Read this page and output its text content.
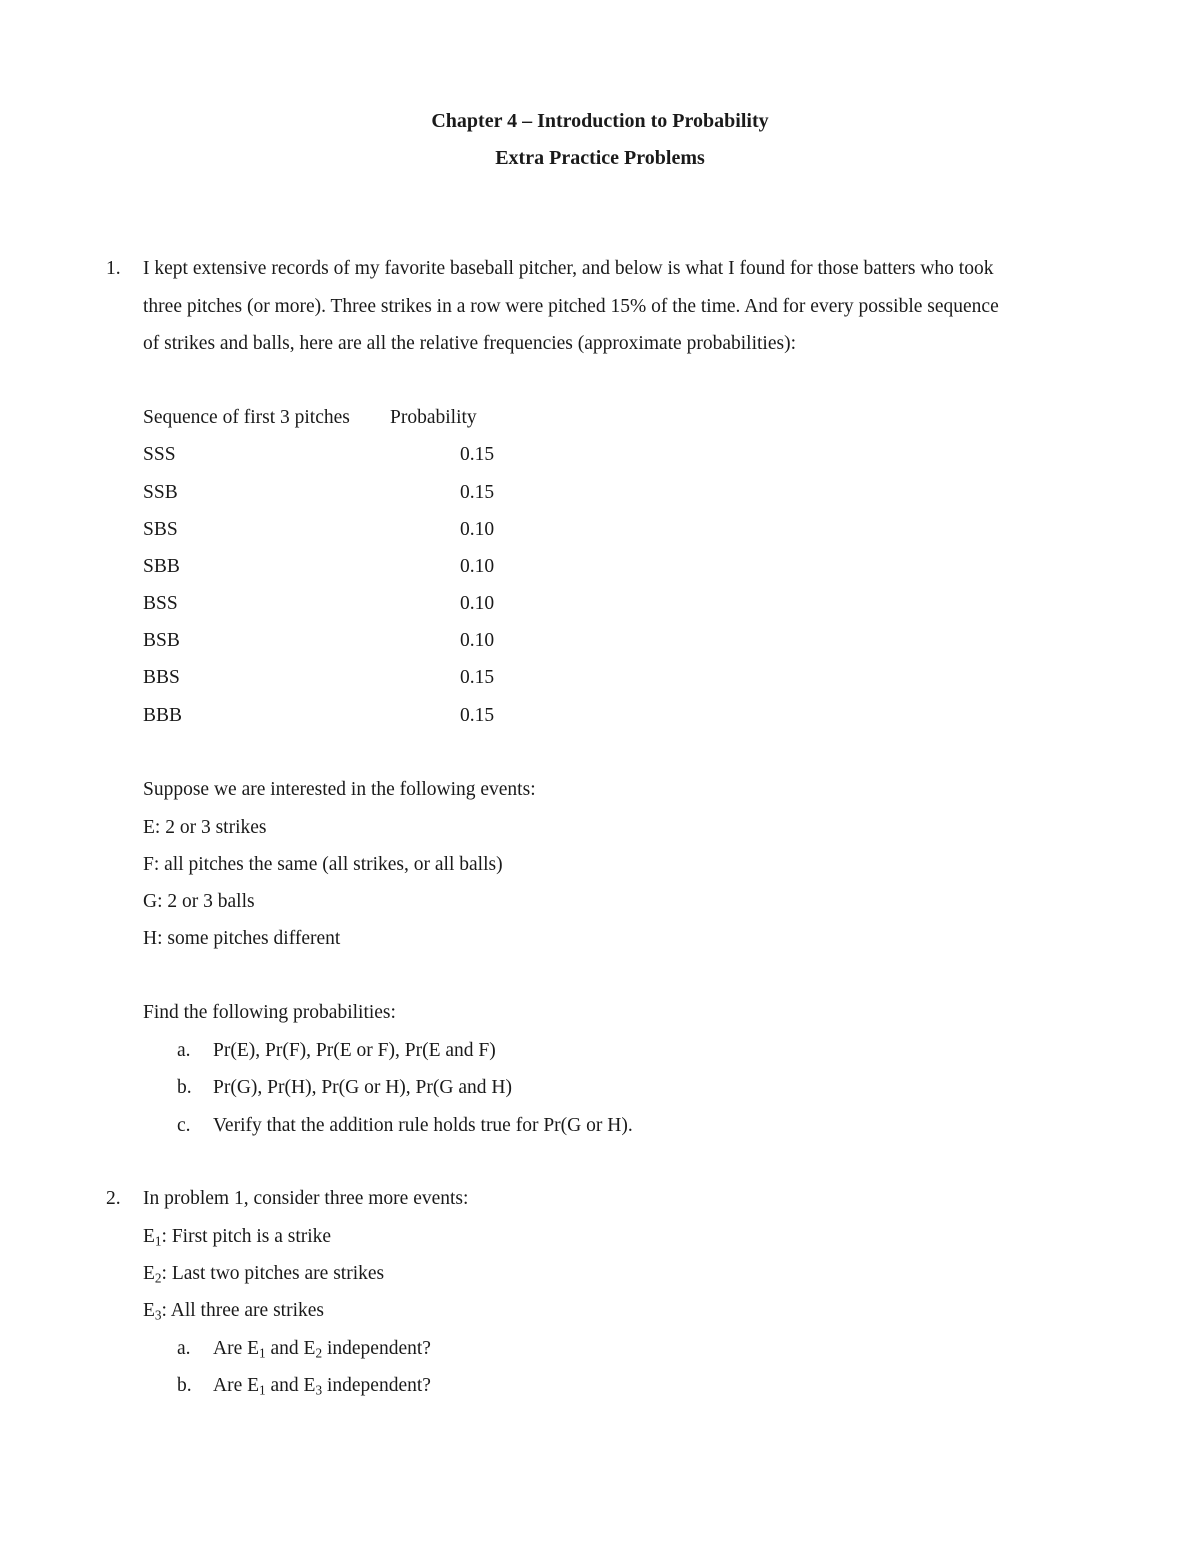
Chapter 4 – Introduction to Probability
Extra Practice Problems
1. I kept extensive records of my favorite baseball pitcher, and below is what I found for those batters who took
three pitches (or more). Three strikes in a row were pitched 15% of the time. And for every possible sequence
of strikes and balls, here are all the relative frequencies (approximate probabilities):
Sequence of first 3 pitches Probability
SSS	0.15
SSB	0.15
SBS	0.10
SBB	0.10
BSS	0.10
BSB	0.10
BBS	0.15
BBB	0.15
Suppose we are interested in the following events:
E: 2 or 3 strikes
F: all pitches the same (all strikes, or all balls)
G: 2 or 3 balls
H: some pitches different
Find the following probabilities:
a. Pr(E), Pr(F), Pr(E or F), Pr(E and F)
b. Pr(G), Pr(H), Pr(G or H), Pr(G and H)
c. Verify that the addition rule holds true for Pr(G or H).
2. In problem 1, consider three more events:
$E_1$: First pitch is a strike
$E_2$: Last two pitches are strikes
$E_3$: All three are strikes
a. Are $E_1$ and $E_2$ independent?
b. Are $E_1$ and $E_3$ independent?
